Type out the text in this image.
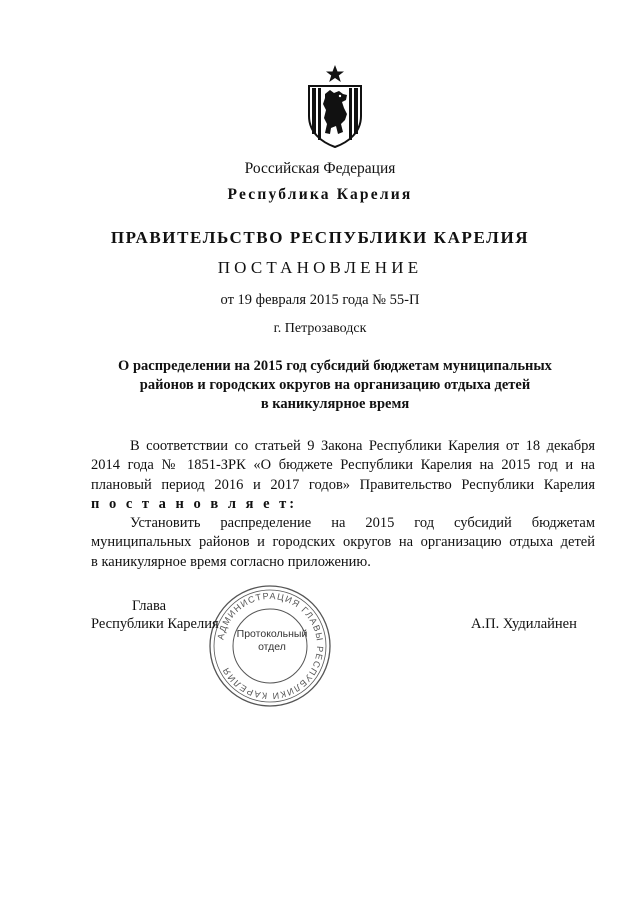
Российская Федерация
Республика Карелия
ПРАВИТЕЛЬСТВО РЕСПУБЛИКИ КАРЕЛИЯ
ПОСТАНОВЛЕНИЕ
от 19 февраля 2015 года № 55-П
г. Петрозаводск
О распределении на 2015 год субсидий бюджетам муниципальных
районов и городских округов на организацию отдыха детей
в каникулярное время
В соответствии со статьей 9 Закона Республики Карелия от 18 декабря
2014 года № 1851-ЗРК «О бюджете Республики Карелия на 2015 год и на
плановый период 2016 и 2017 годов» Правительство Республики Карелия
п о с т а н о в л я е т:
Установить распределение на 2015 год субсидий бюджетам
муниципальных районов и городских округов на организацию отдыха детей
в каникулярное время согласно приложению.
АДМИНИСТРАЦИЯ ГЛАВЫ РЕСПУБЛИКИ КАРЕЛИЯ
Протокольный
отдел
Глава
Республики Карелия	А.П. Худилайнен
